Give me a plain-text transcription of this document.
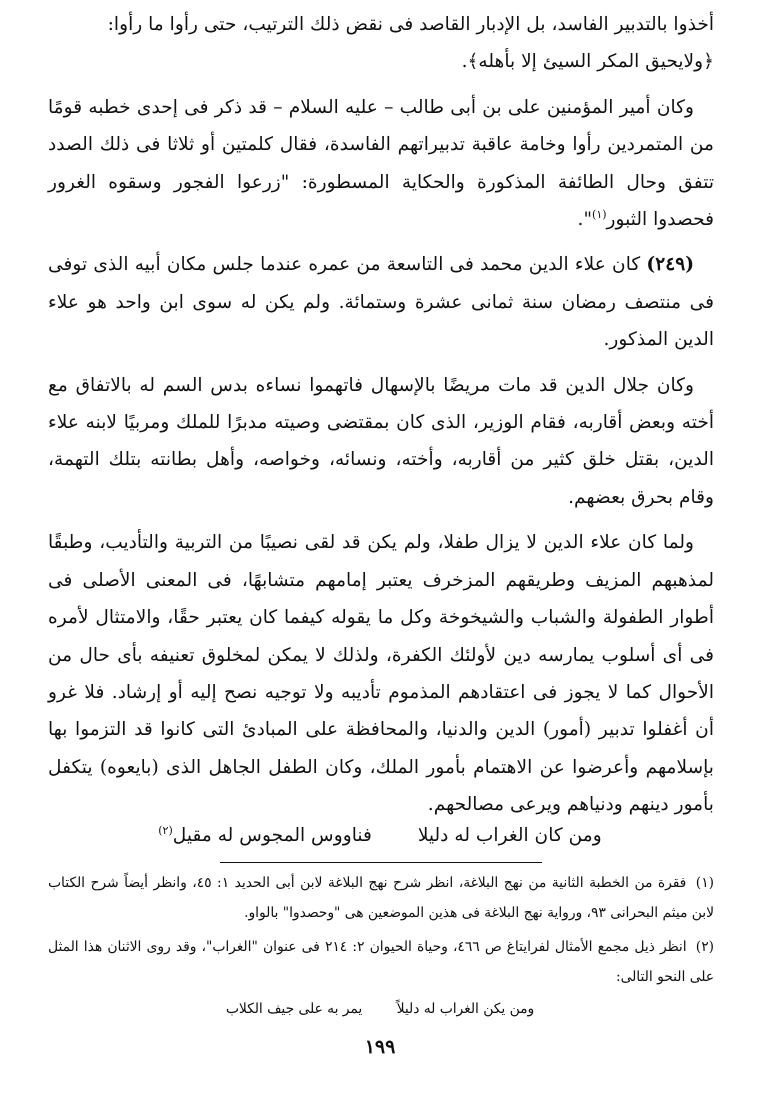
أخذوا بالتدبير الفاسد، بل الإدبار القاصد فى نقض ذلك الترتيب، حتى رأوا ما رأوا:

﴿ولايحيق المكر السيئ إلا بأهله﴾.

وكان أمير المؤمنين على بن أبى طالب – عليه السلام – قد ذكر فى إحدى خطبه قومًا من المتمردين رأوا وخامة عاقبة تدبيراتهم الفاسدة، فقال كلمتين أو ثلاثا فى ذلك الصدد تتفق وحال الطائفة المذكورة والحكاية المسطورة: "زرعوا الفجور وسقوه الغرور فحصدوا الثبور$^{(١)}$".

(٢٤٩) كان علاء الدين محمد فى التاسعة من عمره عندما جلس مكان أبيه الذى توفى فى منتصف رمضان سنة ثمانى عشرة وستمائة. ولم يكن له سوى ابن واحد هو علاء الدين المذكور.

وكان جلال الدين قد مات مريضًا بالإسهال فاتهموا نساءه بدس السم له بالاتفاق مع أخته وبعض أقاربه، فقام الوزير، الذى كان بمقتضى وصيته مدبرًا للملك ومربيًا لابنه علاء الدين، بقتل خلق كثير من أقاربه، وأخته، ونسائه، وخواصه، وأهل بطانته بتلك التهمة، وقام بحرق بعضهم.

ولما كان علاء الدين لا يزال طفلا، ولم يكن قد لقى نصيبًا من التربية والتأديب، وطبقًا لمذهبهم المزيف وطريقهم المزخرف يعتبر إمامهم متشابهًا، فى المعنى الأصلى فى أطوار الطفولة والشباب والشيخوخة وكل ما يقوله كيفما كان يعتبر حقًا، والامتثال لأمره فى أى أسلوب يمارسه دين لأولئك الكفرة، ولذلك لا يمكن لمخلوق تعنيفه بأى حال من الأحوال كما لا يجوز فى اعتقادهم المذموم تأديبه ولا توجيه نصح إليه أو إرشاد. فلا غرو أن أغفلوا تدبير (أمور) الدين والدنيا، والمحافظة على المبادئ التى كانوا قد التزموا بها بإسلامهم وأعرضوا عن الاهتمام بأمور الملك، وكان الطفل الجاهل الذى (بايعوه) يتكفل بأمور دينهم ودنياهم ويرعى مصالحهم.

ومن كان الغراب له دليلا فناووس المجوس له مقيل$^{(٢)}$
(١) فقرة من الخطبة الثانية من نهج البلاغة، انظر شرح نهج البلاغة لابن أبى الحديد ١: ٤٥، وانظر أيضاً شرح الكتاب لابن ميثم البحرانى ٩٣، ورواية نهج البلاغة فى هذين الموضعين هى "وحصدوا" بالواو.
(٢) انظر ذيل مجمع الأمثال لفرايتاغ ص ٤٦٦، وحياة الحيوان ٢: ٢١٤ فى عنوان "الغراب"، وقد روى الاثنان هذا المثل على النحو التالى:
ومن يكن الغراب له دليلاً يمر به على جيف الكلاب
١٩٩
